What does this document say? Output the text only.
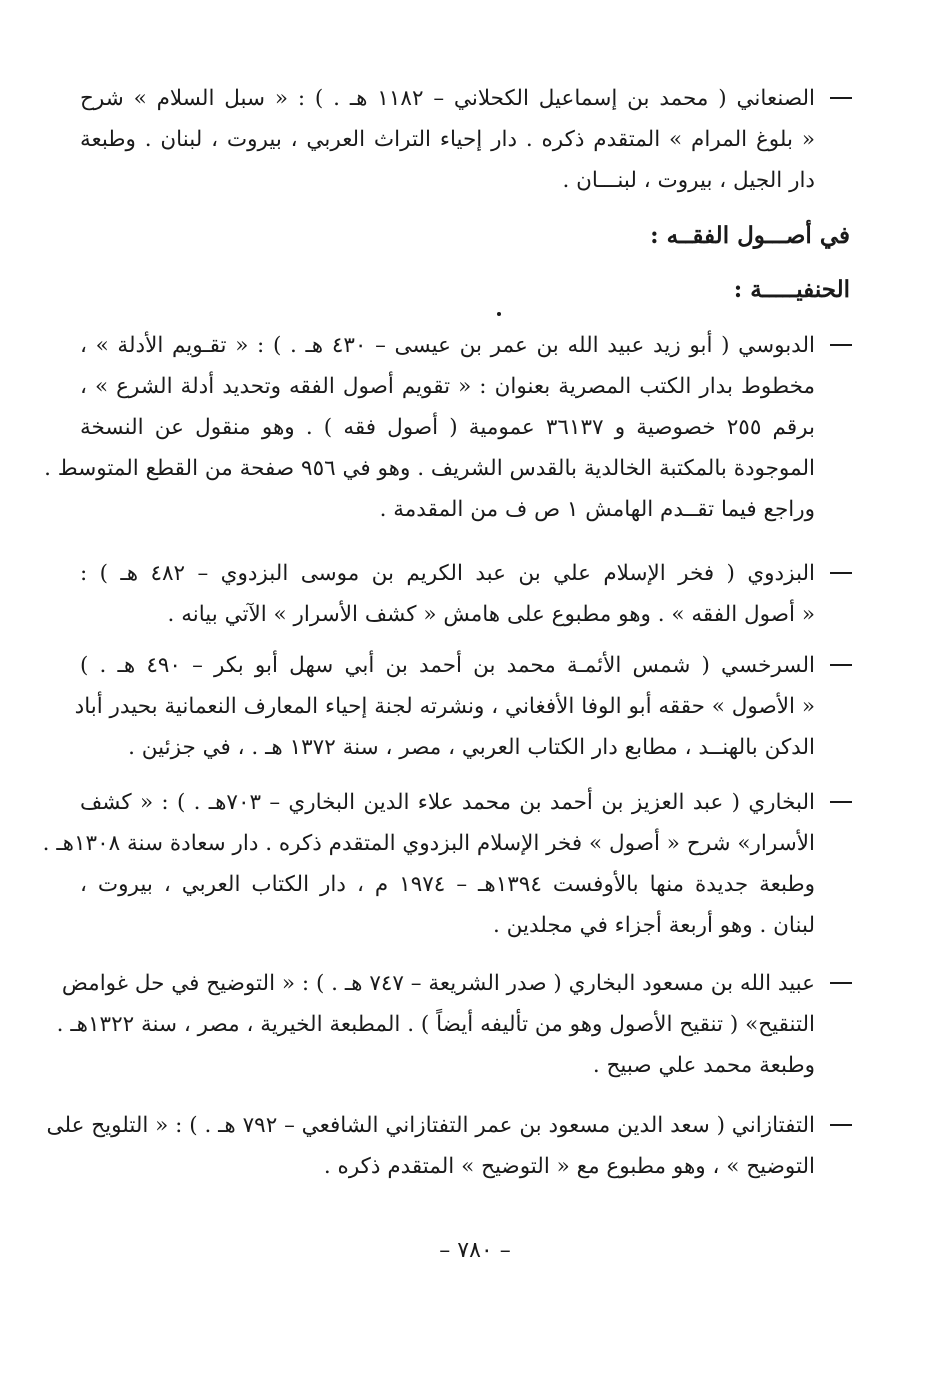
الصنعاني ( محمد بن إسماعيل الكحلاني – ١١٨٢ هـ . ) : « سبل السلام » شرح
« بلوغ المرام » المتقدم ذكره . دار إحياء التراث العربي ، بيروت ، لبنان . وطبعة
دار الجيل ، بيروت ، لبنـــان .
في أصـــول الفقــه :
الحنفيـــــة :
الدبوسي ( أبو زيد عبيد الله بن عمر بن عيسى – ٤٣٠ هـ . ) : « تقـويم الأدلة » ،
مخطوط بدار الكتب المصرية بعنوان : « تقويم أصول الفقه وتحديد أدلة الشرع » ،
برقم ٢٥٥ خصوصية و ٣٦١٣٧ عمومية ( أصول فقه ) . وهو منقول عن النسخة
الموجودة بالمكتبة الخالدية بالقدس الشريف . وهو في ٩٥٦ صفحة من القطع المتوسط .
وراجع فيما تقــدم الهامش ١ ص ف من المقدمة .
البزدوي ( فخر الإسلام علي بن عبد الكريم بن موسى البزدوي – ٤٨٢ هـ ) :
« أصول الفقه » . وهو مطبوع على هامش « كشف الأسرار » الآتي بيانه .
السرخسي ( شمس الأئمـة محمد بن أحمد بن أبي سهل أبو بكر – ٤٩٠ هـ . )
« الأصول » حققه أبو الوفا الأفغاني ، ونشرته لجنة إحياء المعارف النعمانية بحيدر أباد
الدكن بالهنــد ، مطابع دار الكتاب العربي ، مصر ، سنة ١٣٧٢ هـ . ، في جزئين .
البخاري ( عبد العزيز بن أحمد بن محمد علاء الدين البخاري – ٧٠٣هـ . ) : « كشف
الأسرار» شرح « أصول » فخر الإسلام البزدوي المتقدم ذكره . دار سعادة سنة ١٣٠٨هـ .
وطبعة جديدة منها بالأوفست ١٣٩٤هـ – ١٩٧٤ م ، دار الكتاب العربي ، بيروت ،
لبنان . وهو أربعة أجزاء في مجلدين .
عبيد الله بن مسعود البخاري ( صدر الشريعة – ٧٤٧ هـ . ) : « التوضيح في حل غوامض
التنقيح» ( تنقيح الأصول وهو من تأليفه أيضاً ) . المطبعة الخيرية ، مصر ، سنة ١٣٢٢هـ .
وطبعة محمد علي صبيح .
التفتازاني ( سعد الدين مسعود بن عمر التفتازاني الشافعي – ٧٩٢ هـ . ) : « التلويح على
التوضيح » ، وهو مطبوع مع « التوضيح » المتقدم ذكره .
– ٧٨٠ –
